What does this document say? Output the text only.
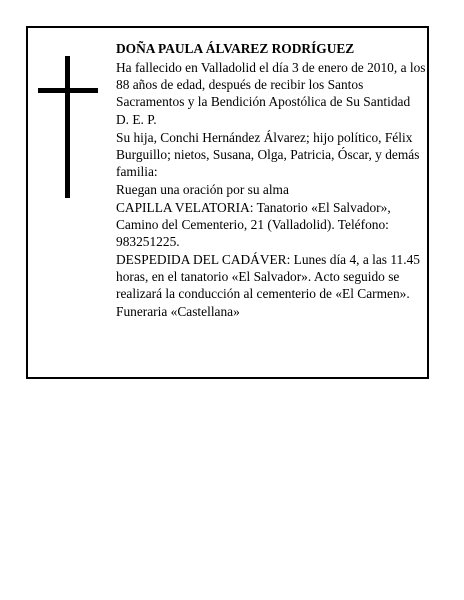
DOÑA PAULA ÁLVAREZ RODRÍGUEZ

Ha fallecido en Valladolid el día 3 de enero de 2010, a los 88 años de edad, después de recibir los Santos Sacramentos y la Bendición Apostólica de Su Santidad

D. E. P.

Su hija, Conchi Hernández Álvarez; hijo político, Félix Burguillo; nietos, Susana, Olga, Patricia, Óscar, y demás familia:

Ruegan una oración por su alma

CAPILLA VELATORIA: Tanatorio «El Salvador», Camino del Cementerio, 21 (Valladolid). Teléfono: 983251225.

DESPEDIDA DEL CADÁVER: Lunes día 4, a las 11.45 horas, en el tanatorio «El Salvador». Acto seguido se realizará la conducción al cementerio de «El Carmen».

Funeraria «Castellana»
